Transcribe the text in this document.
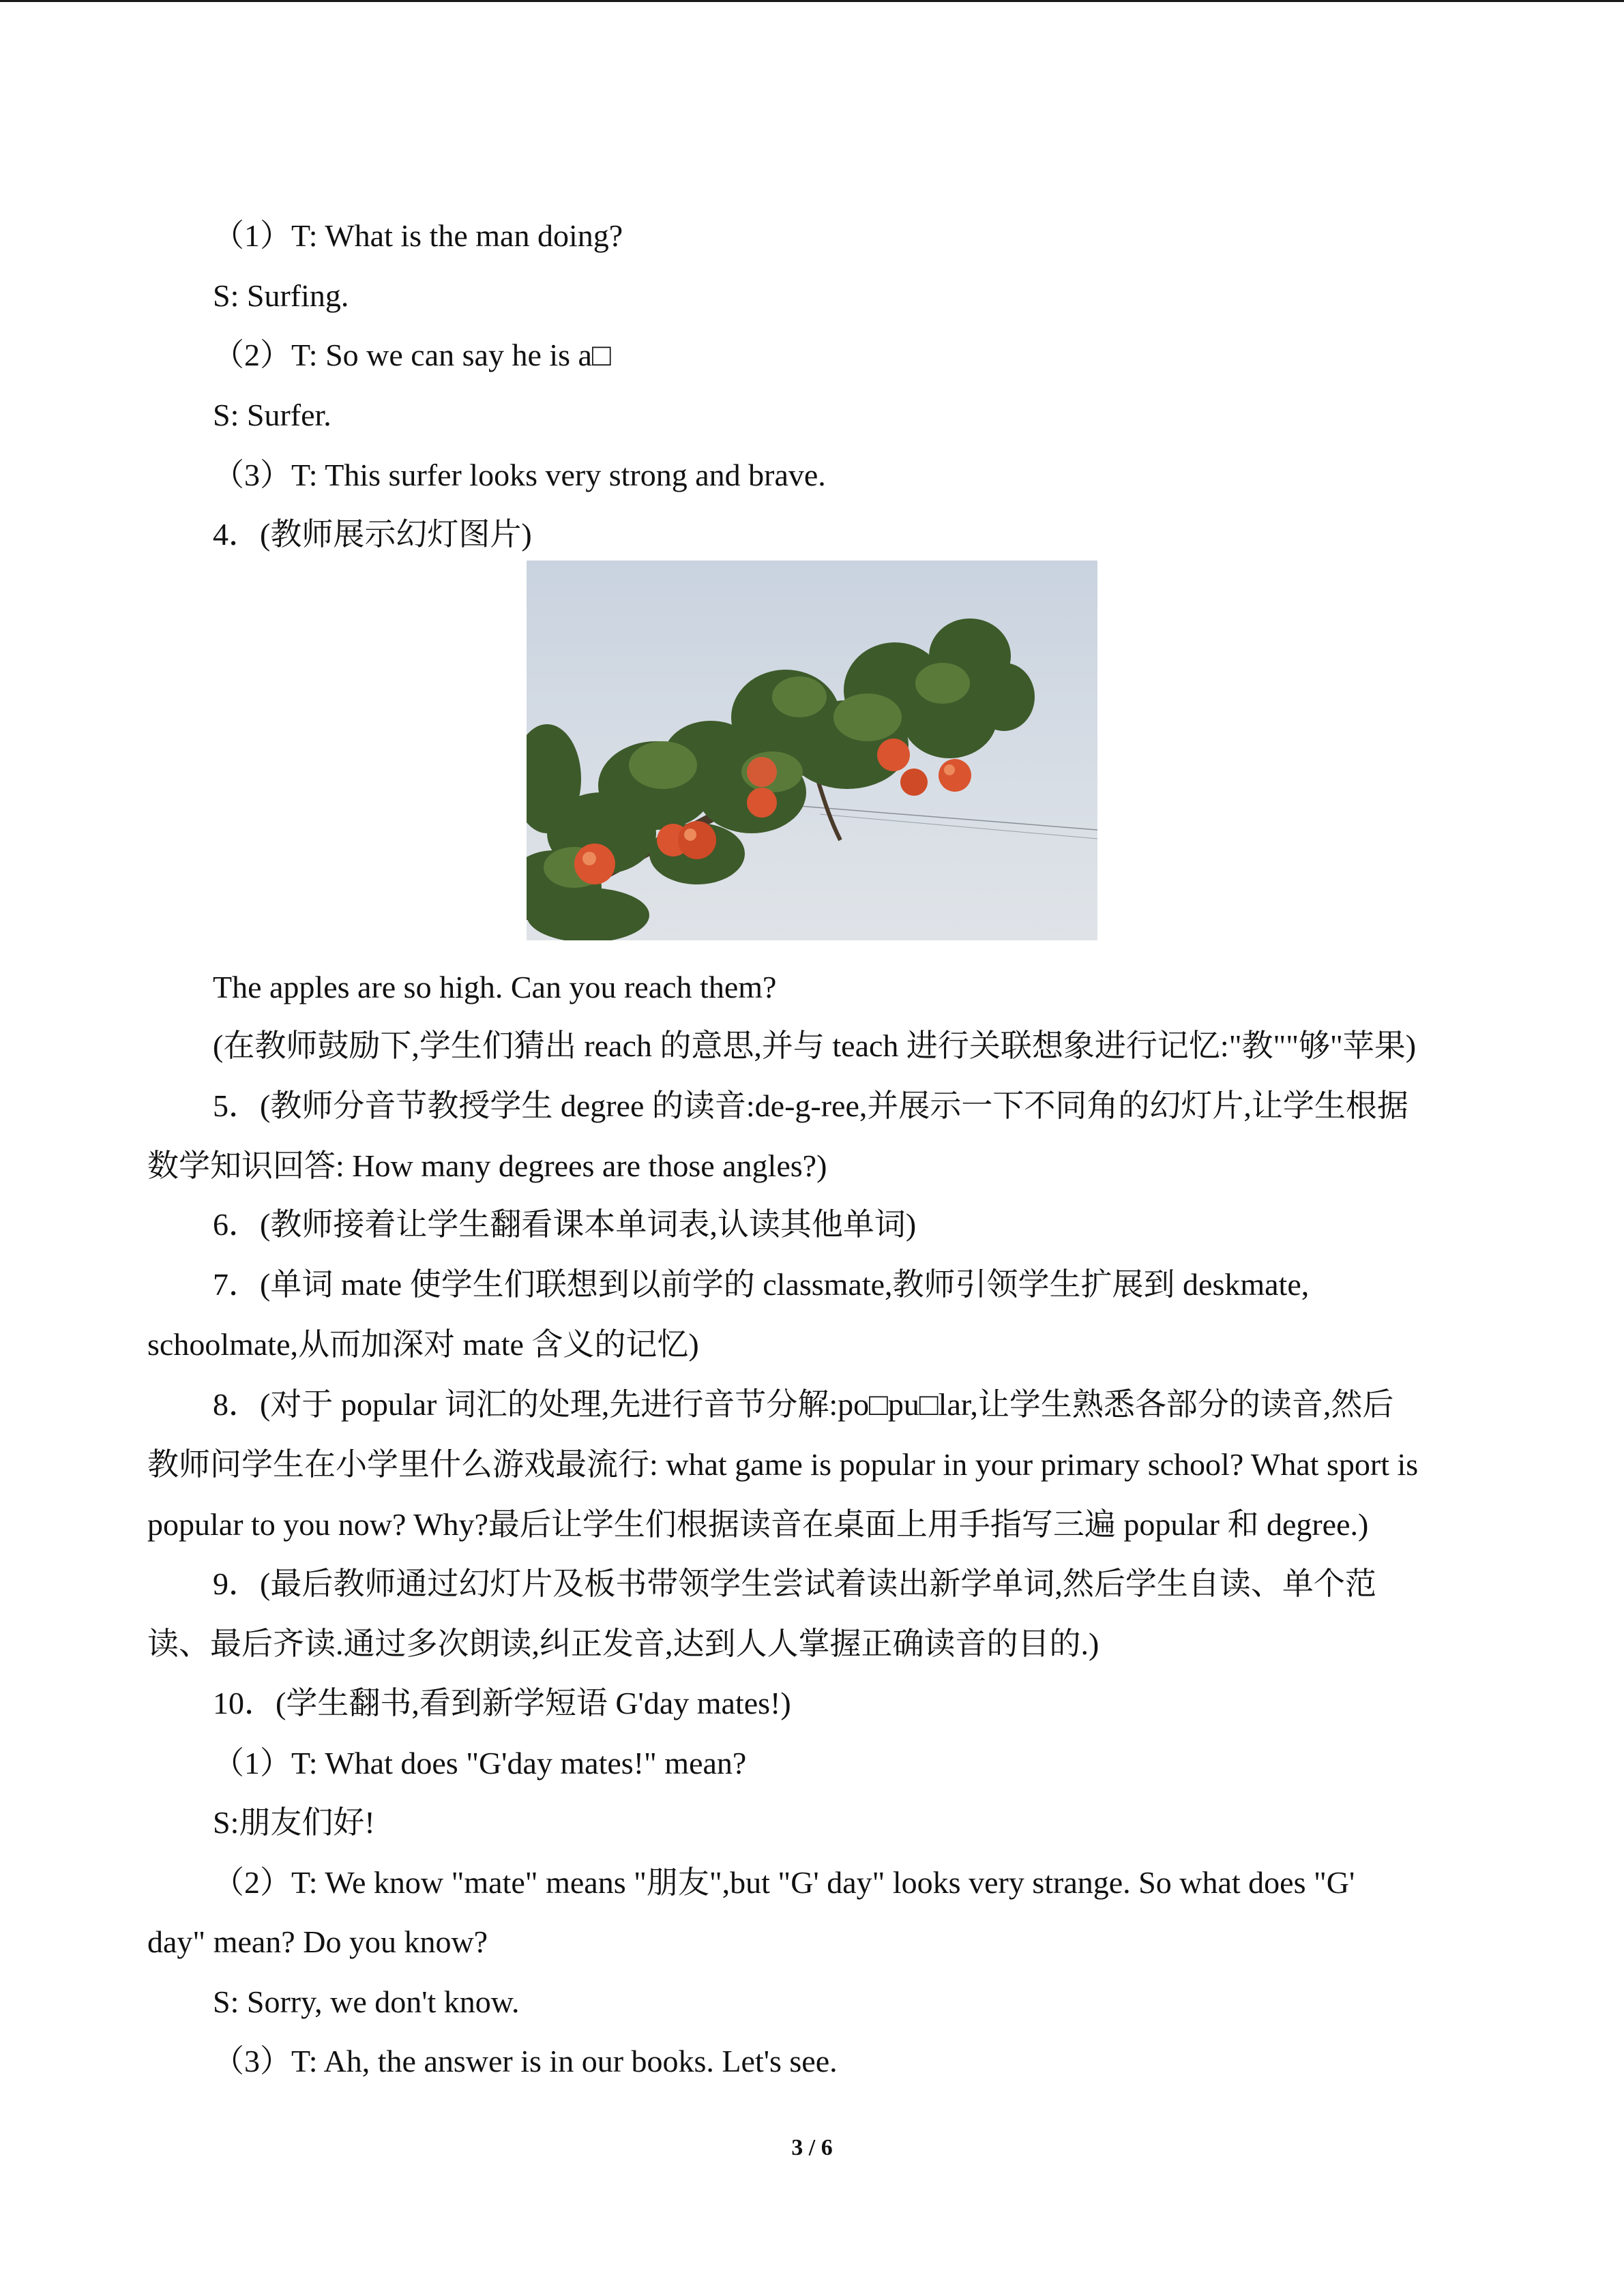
（1）T: What is the man doing?
S: Surfing.
（2）T: So we can say he is a□
S: Surfer.
（3）T: This surfer looks very strong and brave.
4．(教师展示幻灯图片)
The apples are so high. Can you reach them?
(在教师鼓励下,学生们猜出 reach 的意思,并与 teach 进行关联想象进行记忆:"教""够"苹果)
5．(教师分音节教授学生 degree 的读音:de-g-ree,并展示一下不同角的幻灯片,让学生根据
数学知识回答: How many degrees are those angles?)
6．(教师接着让学生翻看课本单词表,认读其他单词)
7．(单词 mate 使学生们联想到以前学的 classmate,教师引领学生扩展到 deskmate,
schoolmate,从而加深对 mate 含义的记忆)
8．(对于 popular 词汇的处理,先进行音节分解:po□pu□lar,让学生熟悉各部分的读音,然后
教师问学生在小学里什么游戏最流行: what game is popular in your primary school? What sport is
popular to you now? Why?最后让学生们根据读音在桌面上用手指写三遍 popular 和 degree.)
9．(最后教师通过幻灯片及板书带领学生尝试着读出新学单词,然后学生自读、单个范
读、最后齐读.通过多次朗读,纠正发音,达到人人掌握正确读音的目的.)
10．(学生翻书,看到新学短语 G'day mates!)
（1）T: What does "G'day mates!" mean?
S:朋友们好!
（2）T: We know "mate" means "朋友",but "G' day" looks very strange. So what does "G'
day" mean? Do you know?
S: Sorry, we don't know.
（3）T: Ah, the answer is in our books. Let's see.
3 / 6
